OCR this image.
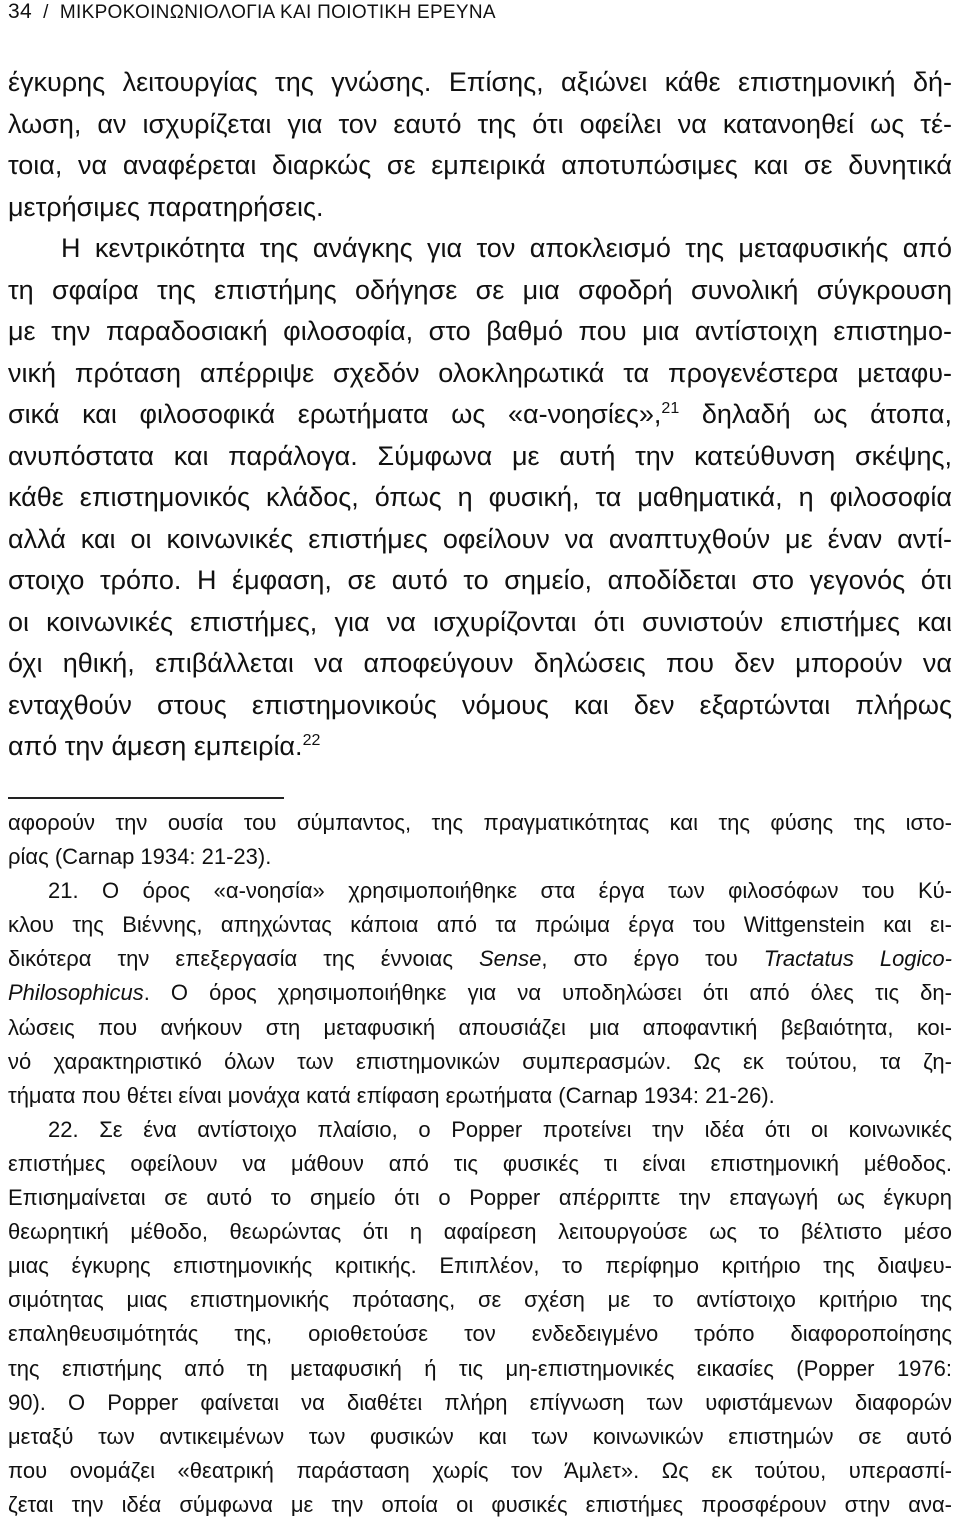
34 / ΜΙΚΡΟΚΟΙΝΩΝΙΟΛΟΓΙΑ ΚΑΙ ΠΟΙΟΤΙΚΗ ΕΡΕΥΝΑ
έγκυρης λειτουργίας της γνώσης. Επίσης, αξιώνει κάθε επιστημονική δή-
λωση, αν ισχυρίζεται για τον εαυτό της ότι οφείλει να κατανοηθεί ως τέ-
τοια, να αναφέρεται διαρκώς σε εμπειρικά αποτυπώσιμες και σε δυνητικά
μετρήσιμες παρατηρήσεις.
Η κεντρικότητα της ανάγκης για τον αποκλεισμό της μεταφυσικής από
τη σφαίρα της επιστήμης οδήγησε σε μια σφοδρή συνολική σύγκρουση
με την παραδοσιακή φιλοσοφία, στο βαθμό που μια αντίστοιχη επιστημο-
νική πρόταση απέρριψε σχεδόν ολοκληρωτικά τα προγενέστερα μεταφυ-
σικά και φιλοσοφικά ερωτήματα ως «α-νοησίες»,$^{21}$ δηλαδή ως άτοπα,
ανυπόστατα και παράλογα. Σύμφωνα με αυτή την κατεύθυνση σκέψης,
κάθε επιστημονικός κλάδος, όπως η φυσική, τα μαθηματικά, η φιλοσοφία
αλλά και οι κοινωνικές επιστήμες οφείλουν να αναπτυχθούν με έναν αντί-
στοιχο τρόπο. Η έμφαση, σε αυτό το σημείο, αποδίδεται στο γεγονός ότι
οι κοινωνικές επιστήμες, για να ισχυρίζονται ότι συνιστούν επιστήμες και
όχι ηθική, επιβάλλεται να αποφεύγουν δηλώσεις που δεν μπορούν να
ενταχθούν στους επιστημονικούς νόμους και δεν εξαρτώνται πλήρως
από την άμεση εμπειρία.$^{22}$
αφορούν την ουσία του σύμπαντος, της πραγματικότητας και της φύσης της ιστο-
ρίας (Carnap 1934: 21-23).
21. Ο όρος «α-νοησία» χρησιμοποιήθηκε στα έργα των φιλοσόφων του Κύ-
κλου της Βιέννης, απηχώντας κάποια από τα πρώιμα έργα του Wittgenstein και ει-
δικότερα την επεξεργασία της έννοιας Sense, στο έργο του Tractatus Logico-
Philosophicus. Ο όρος χρησιμοποιήθηκε για να υποδηλώσει ότι από όλες τις δη-
λώσεις που ανήκουν στη μεταφυσική απουσιάζει μια αποφαντική βεβαιότητα, κοι-
νό χαρακτηριστικό όλων των επιστημονικών συμπερασμών. Ως εκ τούτου, τα ζη-
τήματα που θέτει είναι μονάχα κατά επίφαση ερωτήματα (Carnap 1934: 21-26).
22. Σε ένα αντίστοιχο πλαίσιο, ο Popper προτείνει την ιδέα ότι οι κοινωνικές
επιστήμες οφείλουν να μάθουν από τις φυσικές τι είναι επιστημονική μέθοδος.
Επισημαίνεται σε αυτό το σημείο ότι ο Popper απέρριπτε την επαγωγή ως έγκυρη
θεωρητική μέθοδο, θεωρώντας ότι η αφαίρεση λειτουργούσε ως το βέλτιστο μέσο
μιας έγκυρης επιστημονικής κριτικής. Επιπλέον, το περίφημο κριτήριο της διαψευ-
σιμότητας μιας επιστημονικής πρότασης, σε σχέση με το αντίστοιχο κριτήριο της
επαληθευσιμότητάς της, οριοθετούσε τον ενδεδειγμένο τρόπο διαφοροποίησης
της επιστήμης από τη μεταφυσική ή τις μη-επιστημονικές εικασίες (Popper 1976:
90). Ο Popper φαίνεται να διαθέτει πλήρη επίγνωση των υφιστάμενων διαφορών
μεταξύ των αντικειμένων των φυσικών και των κοινωνικών επιστημών σε αυτό
που ονομάζει «θεατρική παράσταση χωρίς τον Άμλετ». Ως εκ τούτου, υπερασπί-
ζεται την ιδέα σύμφωνα με την οποία οι φυσικές επιστήμες προσφέρουν στην ανα-
